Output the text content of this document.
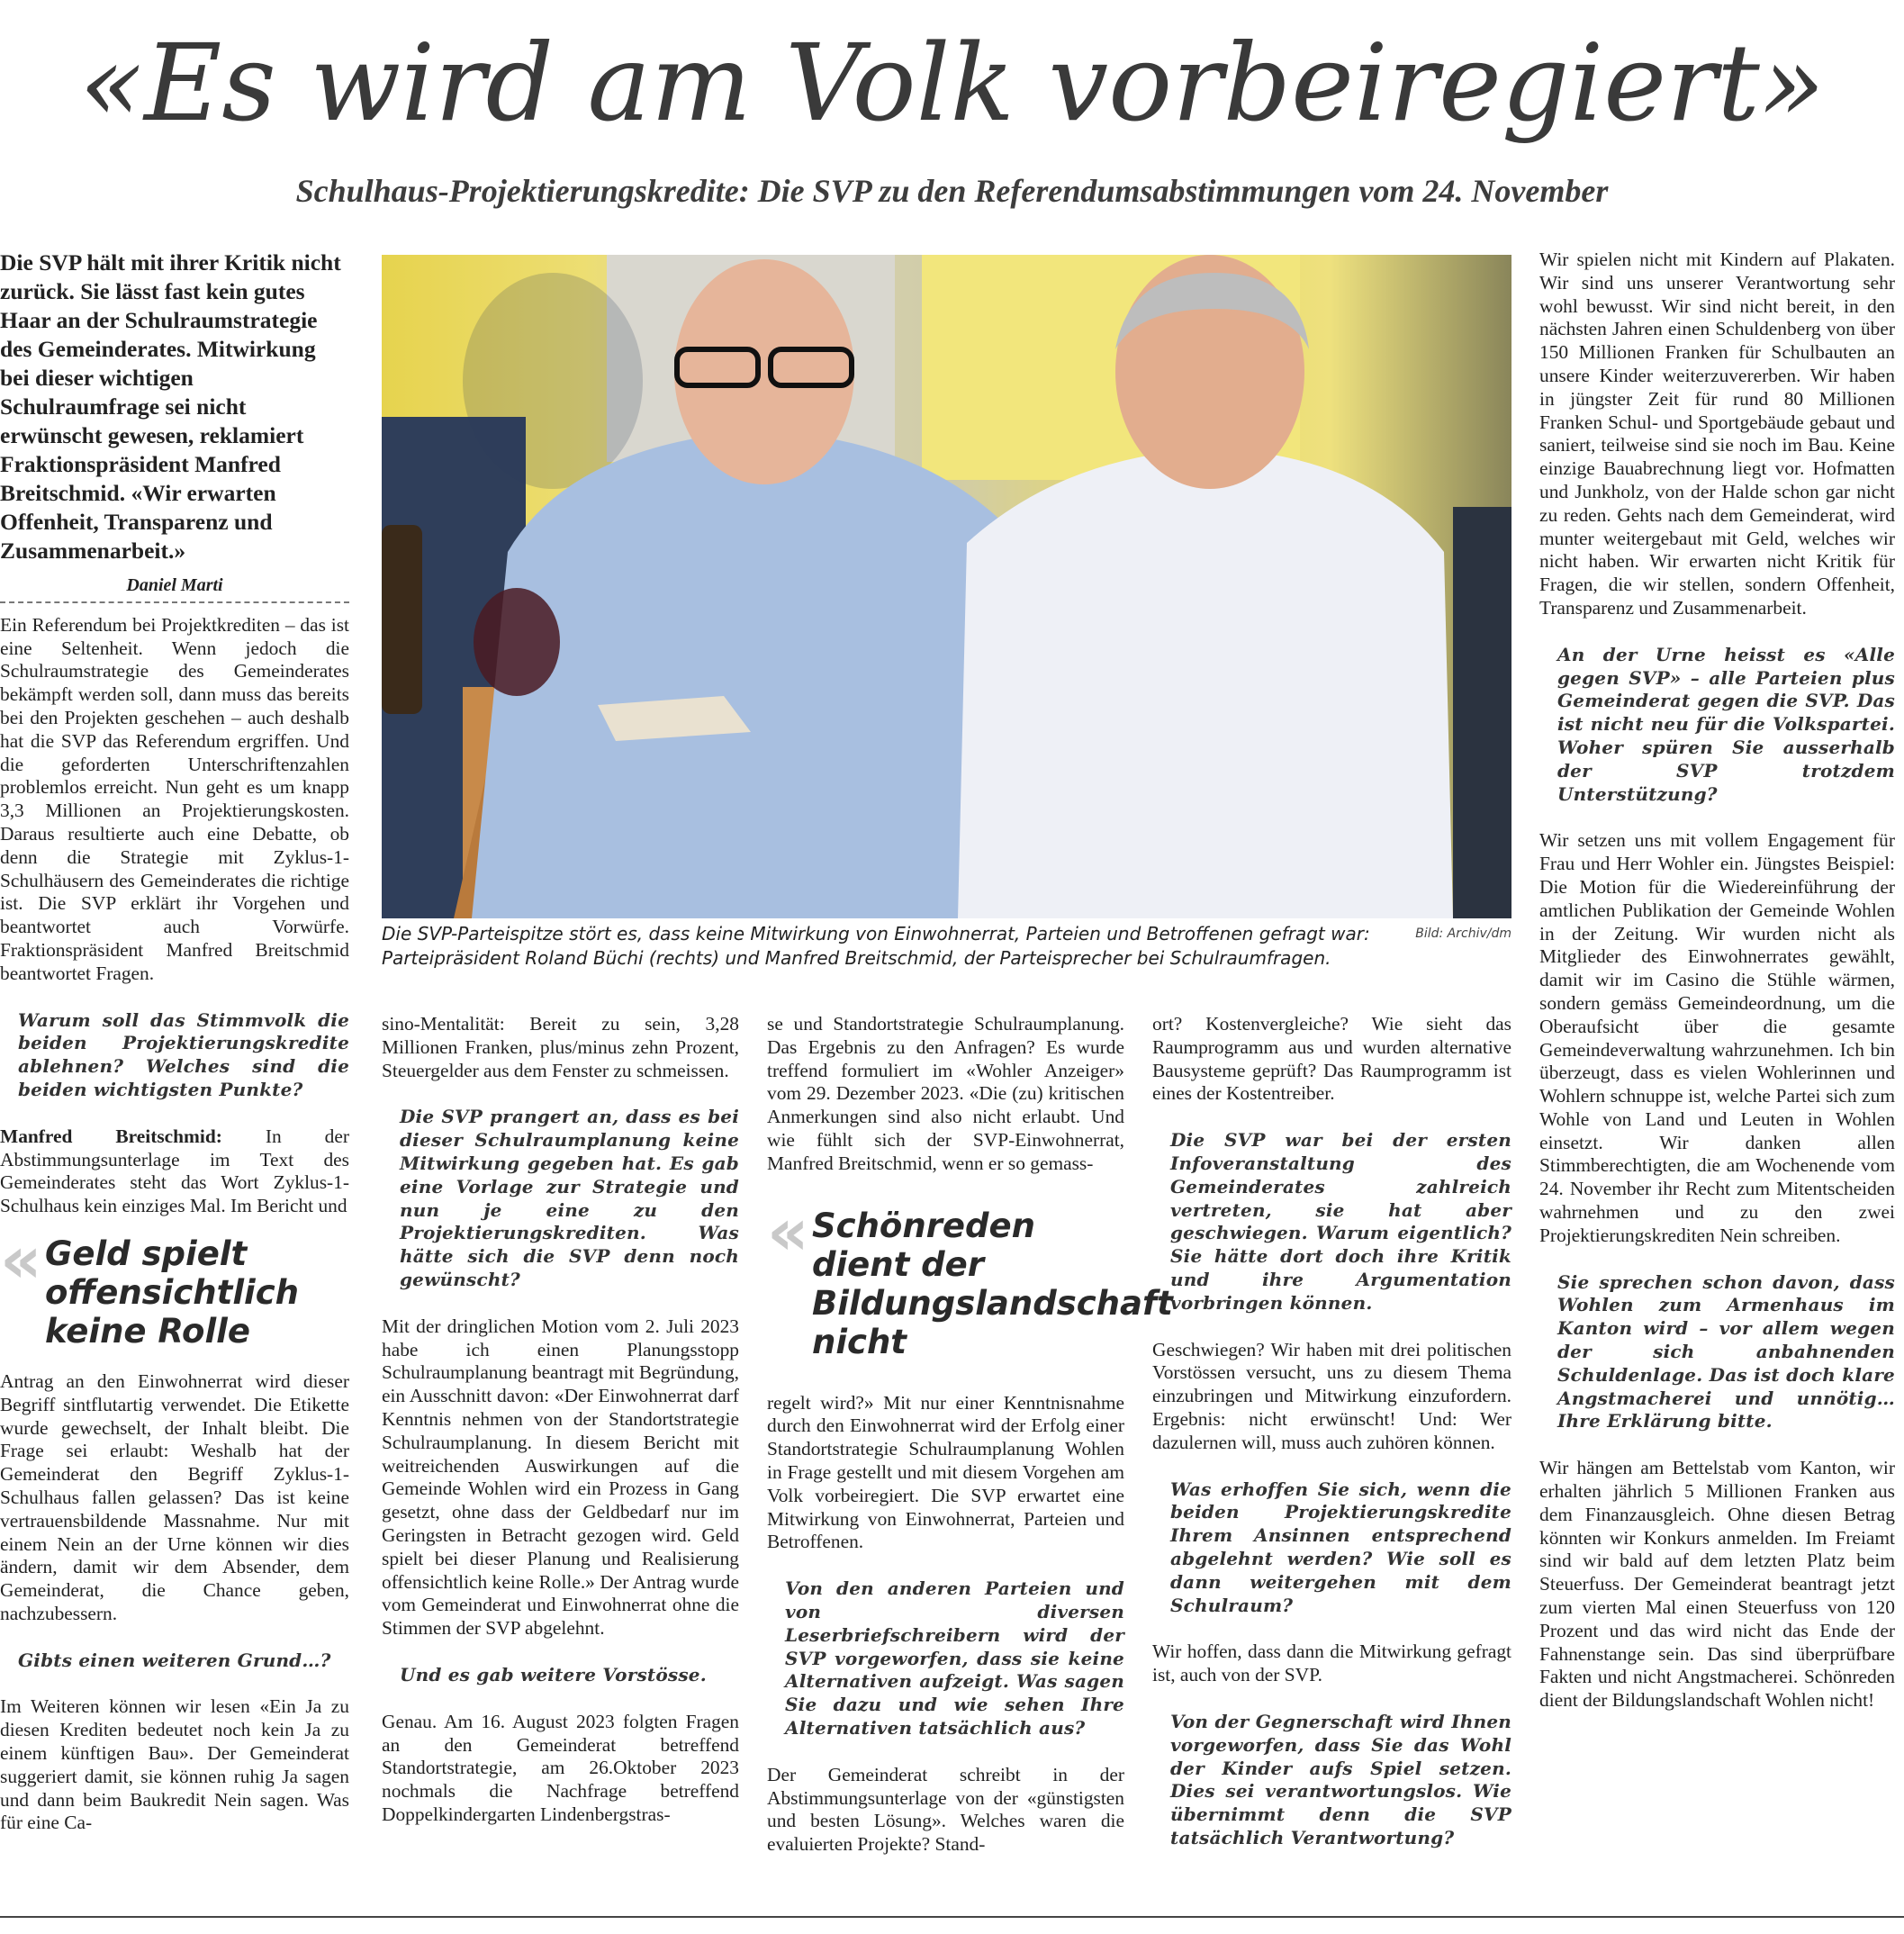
«Es wird am Volk vorbeiregiert»
Schulhaus-Projektierungskredite: Die SVP zu den Referendumsabstimmungen vom 24. November

Die SVP hält mit ihrer Kritik nicht zurück. Sie lässt fast kein gutes Haar an der Schulraumstrategie des Gemeinderates. Mitwirkung bei dieser wichtigen Schulraumfrage sei nicht erwünscht gewesen, reklamiert Fraktionspräsident Manfred Breitschmid. «Wir erwarten Offenheit, Transparenz und Zusammenarbeit.»

Daniel Marti

Ein Referendum bei Projektkrediten – das ist eine Seltenheit. Wenn jedoch die Schulraumstrategie des Gemeinderates bekämpft werden soll, dann muss das bereits bei den Projekten geschehen – auch deshalb hat die SVP das Referendum ergriffen. Und die geforderten Unterschriftenzahlen problemlos erreicht. Nun geht es um knapp 3,3 Millionen an Projektierungskosten. Daraus resultierte auch eine Debatte, ob denn die Strategie mit Zyklus-1-Schulhäusern des Gemeinderates die richtige ist. Die SVP erklärt ihr Vorgehen und beantwortet auch Vorwürfe. Fraktionspräsident Manfred Breitschmid beantwortet Fragen.

Warum soll das Stimmvolk die beiden Projektierungskredite ablehnen? Welches sind die beiden wichtigsten Punkte?

Manfred Breitschmid: In der Abstimmungsunterlage im Text des Gemeinderates steht das Wort Zyklus-1-Schulhaus kein einziges Mal. Im Bericht und

« Geld spielt offensichtlich keine Rolle

Antrag an den Einwohnerrat wird dieser Begriff sintflutartig verwendet. Die Etikette wurde gewechselt, der Inhalt bleibt. Die Frage sei erlaubt: Weshalb hat der Gemeinderat den Begriff Zyklus-1-Schulhaus fallen gelassen? Das ist keine vertrauensbildende Massnahme. Nur mit einem Nein an der Urne können wir dies ändern, damit wir dem Absender, dem Gemeinderat, die Chance geben, nachzubessern.

Gibts einen weiteren Grund…?

Im Weiteren können wir lesen «Ein Ja zu diesen Krediten bedeutet noch kein Ja zu einem künftigen Bau». Der Gemeinderat suggeriert damit, sie können ruhig Ja sagen und dann beim Baukredit Nein sagen. Was für eine Ca-

Die SVP-Parteispitze stört es, dass keine Mitwirkung von Einwohnerrat, Parteien und Betroffenen gefragt war:
Parteipräsident Roland Büchi (rechts) und Manfred Breitschmid, der Parteisprecher bei Schulraumfragen.
Bild: Archiv/dm

sino-Mentalität: Bereit zu sein, 3,28 Millionen Franken, plus/minus zehn Prozent, Steuergelder aus dem Fenster zu schmeissen.

Die SVP prangert an, dass es bei dieser Schulraumplanung keine Mitwirkung gegeben hat. Es gab eine Vorlage zur Strategie und nun je eine zu den Projektierungskrediten. Was hätte sich die SVP denn noch gewünscht?

Mit der dringlichen Motion vom 2. Juli 2023 habe ich einen Planungsstopp Schulraumplanung beantragt mit Begründung, ein Ausschnitt davon: «Der Einwohnerrat darf Kenntnis nehmen von der Standortstrategie Schulraumplanung. In diesem Bericht mit weitreichenden Auswirkungen auf die Gemeinde Wohlen wird ein Prozess in Gang gesetzt, ohne dass der Geldbedarf nur im Geringsten in Betracht gezogen wird. Geld spielt bei dieser Planung und Realisierung offensichtlich keine Rolle.» Der Antrag wurde vom Gemeinderat und Einwohnerrat ohne die Stimmen der SVP abgelehnt.

Und es gab weitere Vorstösse.

Genau. Am 16. August 2023 folgten Fragen an den Gemeinderat betreffend Standortstrategie, am 26.Oktober 2023 nochmals die Nachfrage betreffend Doppelkindergarten Lindenbergstras-

se und Standortstrategie Schulraumplanung. Das Ergebnis zu den Anfragen? Es wurde treffend formuliert im «Wohler Anzeiger» vom 29. Dezember 2023. «Die (zu) kritischen Anmerkungen sind also nicht erlaubt. Und wie fühlt sich der SVP-Einwohnerrat, Manfred Breitschmid, wenn er so gemass-

« Schönreden dient der Bildungslandschaft nicht

regelt wird?» Mit nur einer Kenntnisnahme durch den Einwohnerrat wird der Erfolg einer Standortstrategie Schulraumplanung Wohlen in Frage gestellt und mit diesem Vorgehen am Volk vorbeiregiert. Die SVP erwartet eine Mitwirkung von Einwohnerrat, Parteien und Betroffenen.

Von den anderen Parteien und von diversen Leserbriefschreibern wird der SVP vorgeworfen, dass sie keine Alternativen aufzeigt. Was sagen Sie dazu und wie sehen Ihre Alternativen tatsächlich aus?

Der Gemeinderat schreibt in der Abstimmungsunterlage von der «günstigsten und besten Lösung». Welches waren die evaluierten Projekte? Stand-

ort? Kostenvergleiche? Wie sieht das Raumprogramm aus und wurden alternative Bausysteme geprüft? Das Raumprogramm ist eines der Kostentreiber.

Die SVP war bei der ersten Infoveranstaltung des Gemeinderates zahlreich vertreten, sie hat aber geschwiegen. Warum eigentlich? Sie hätte dort doch ihre Kritik und ihre Argumentation vorbringen können.

Geschwiegen? Wir haben mit drei politischen Vorstössen versucht, uns zu diesem Thema einzubringen und Mitwirkung einzufordern. Ergebnis: nicht erwünscht! Und: Wer dazulernen will, muss auch zuhören können.

Was erhoffen Sie sich, wenn die beiden Projektierungskredite Ihrem Ansinnen entsprechend abgelehnt werden? Wie soll es dann weitergehen mit dem Schulraum?

Wir hoffen, dass dann die Mitwirkung gefragt ist, auch von der SVP.

Von der Gegnerschaft wird Ihnen vorgeworfen, dass Sie das Wohl der Kinder aufs Spiel setzen. Dies sei verantwortungslos. Wie übernimmt denn die SVP tatsächlich Verantwortung?

Wir spielen nicht mit Kindern auf Plakaten. Wir sind uns unserer Verantwortung sehr wohl bewusst. Wir sind nicht bereit, in den nächsten Jahren einen Schuldenberg von über 150 Millionen Franken für Schulbauten an unsere Kinder weiterzuvererben. Wir haben in jüngster Zeit für rund 80 Millionen Franken Schul- und Sportgebäude gebaut und saniert, teilweise sind sie noch im Bau. Keine einzige Bauabrechnung liegt vor. Hofmatten und Junkholz, von der Halde schon gar nicht zu reden. Gehts nach dem Gemeinderat, wird munter weitergebaut mit Geld, welches wir nicht haben. Wir erwarten nicht Kritik für Fragen, die wir stellen, sondern Offenheit, Transparenz und Zusammenarbeit.

An der Urne heisst es «Alle gegen SVP» – alle Parteien plus Gemeinderat gegen die SVP. Das ist nicht neu für die Volkspartei. Woher spüren Sie ausserhalb der SVP trotzdem Unterstützung?

Wir setzen uns mit vollem Engagement für Frau und Herr Wohler ein. Jüngstes Beispiel: Die Motion für die Wiedereinführung der amtlichen Publikation der Gemeinde Wohlen in der Zeitung. Wir wurden nicht als Mitglieder des Einwohnerrates gewählt, damit wir im Casino die Stühle wärmen, sondern gemäss Gemeindeordnung, um die Oberaufsicht über die gesamte Gemeindeverwaltung wahrzunehmen. Ich bin überzeugt, dass es vielen Wohlerinnen und Wohlern schnuppe ist, welche Partei sich zum Wohle von Land und Leuten in Wohlen einsetzt. Wir danken allen Stimmberechtigten, die am Wochenende vom 24. November ihr Recht zum Mitentscheiden wahrnehmen und zu den zwei Projektierungskrediten Nein schreiben.

Sie sprechen schon davon, dass Wohlen zum Armenhaus im Kanton wird – vor allem wegen der sich anbahnenden Schuldenlage. Das ist doch klare Angstmacherei und unnötig… Ihre Erklärung bitte.

Wir hängen am Bettelstab vom Kanton, wir erhalten jährlich 5 Millionen Franken aus dem Finanzausgleich. Ohne diesen Betrag könnten wir Konkurs anmelden. Im Freiamt sind wir bald auf dem letzten Platz beim Steuerfuss. Der Gemeinderat beantragt jetzt zum vierten Mal einen Steuerfuss von 120 Prozent und das wird nicht das Ende der Fahnenstange sein. Das sind überprüfbare Fakten und nicht Angstmacherei. Schönreden dient der Bildungslandschaft Wohlen nicht!
